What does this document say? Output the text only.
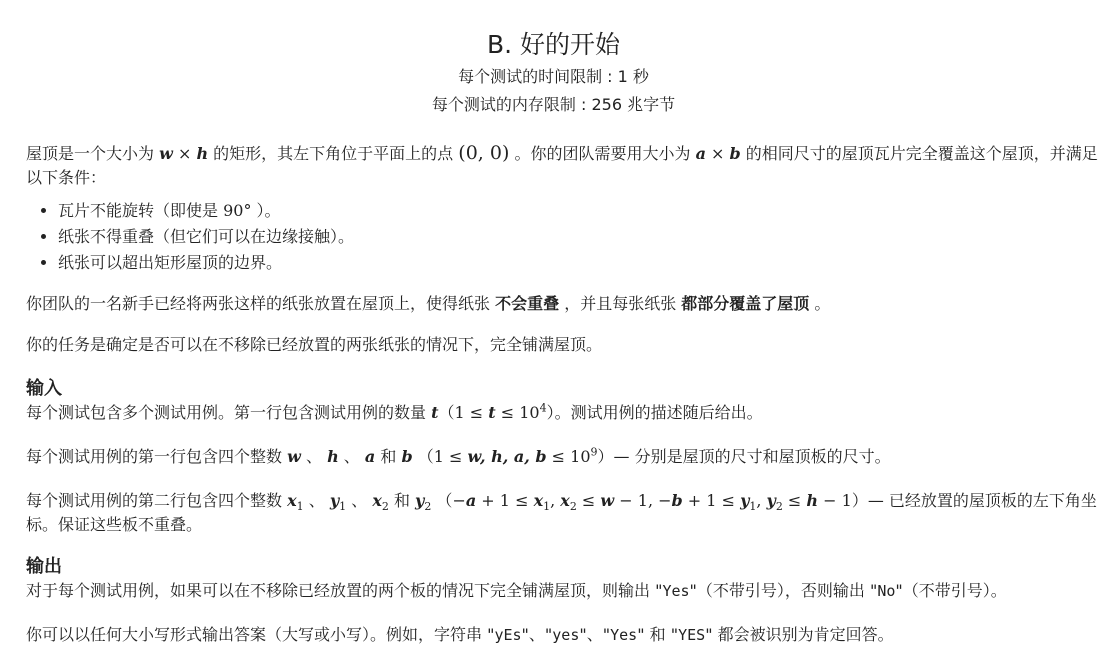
B. 好的开始
每个测试的时间限制 : 1 秒
每个测试的内存限制 : 256 兆字节

屋顶是一个大小为 w × h 的矩形，其左下角位于平面上的点 (0, 0) 。你的团队需要用大小为 a × b 的相同尺寸的屋顶瓦片完全覆盖这个屋顶，并满足以下条件：

• 瓦片不能旋转（即使是 90° ）。
• 纸张不得重叠（但它们可以在边缘接触）。
• 纸张可以超出矩形屋顶的边界。

你团队的一名新手已经将两张这样的纸张放置在屋顶上，使得纸张 不会重叠 ，并且每张纸张 都部分覆盖了屋顶 。

你的任务是确定是否可以在不移除已经放置的两张纸张的情况下，完全铺满屋顶。

输入

每个测试包含多个测试用例。第一行包含测试用例的数量 $t(1 \le t \le 10^4)$。测试用例的描述随后给出。

每个测试用例的第一行包含四个整数 w 、 h 、 a 和 b （1 ≤ w, h, a, $b \le 10^9)—$ 分别是屋顶的尺寸和屋顶板的尺寸。

每个测试用例的第二行包含四个整数 $x_1$ 、 $y_1$ 、 $x_2$ 和 $y_2$ （$-a + 1 \le x_1$, $x_2 \le w - 1$, $-b + 1 \le y_1$, $y_2 \le h$ − 1）— 已经放置的屋顶板的左下角坐标。保证这些板不重叠。

输出

对于每个测试用例，如果可以在不移除已经放置的两个板的情况下完全铺满屋顶，则输出 "Yes"（不带引号），否则输出 "No"（不带引号）。

你可以以任何大小写形式输出答案（大写或小写）。例如，字符串 "yEs"、"yes"、"Yes" 和 "YES" 都会被识别为肯定回答。
